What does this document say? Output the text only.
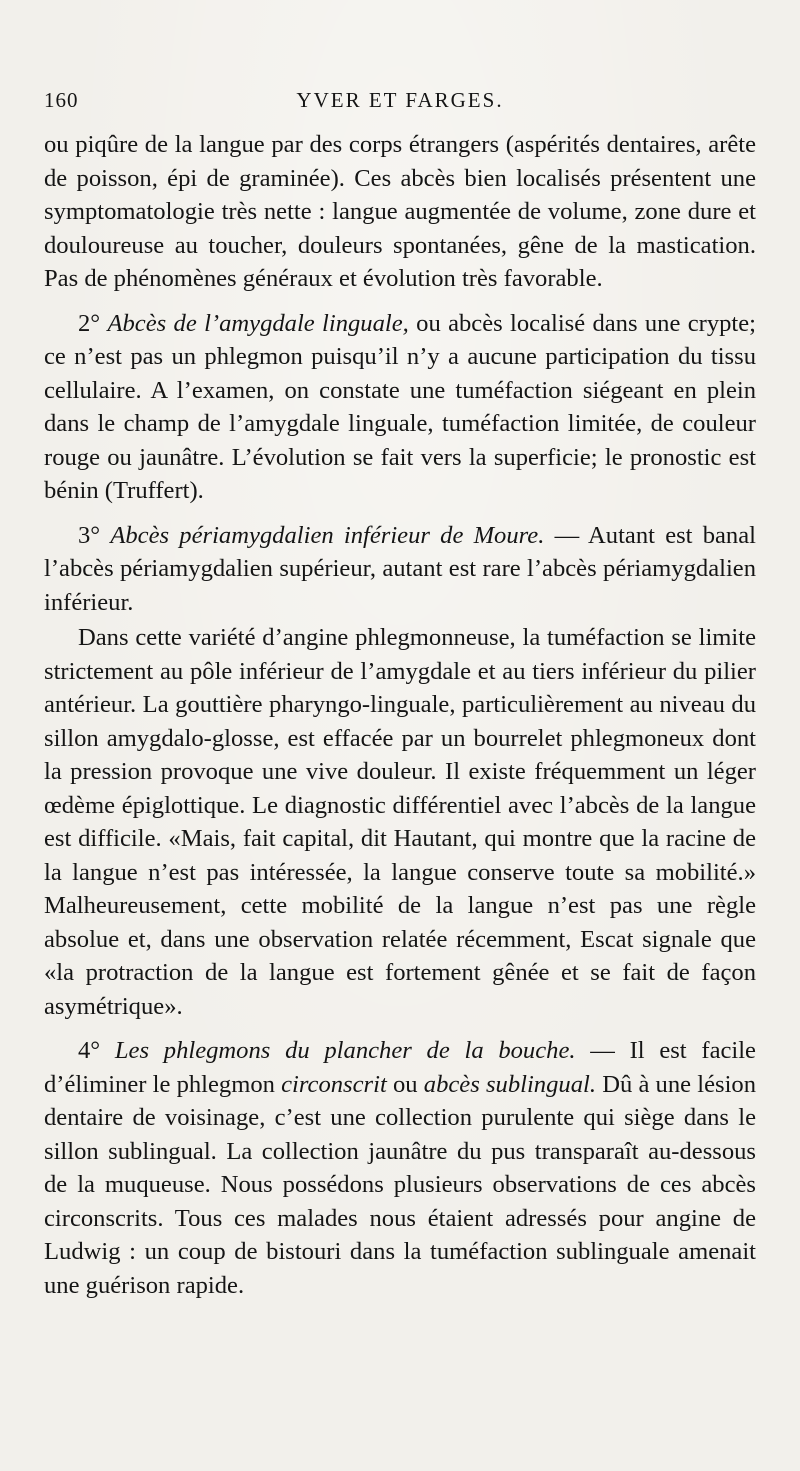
160	YVER ET FARGES.

ou piqûre de la langue par des corps étrangers (aspérités dentaires, arête de poisson, épi de graminée). Ces abcès bien localisés présentent une symptomatologie très nette : langue augmentée de volume, zone dure et douloureuse au toucher, douleurs spontanées, gêne de la mastication. Pas de phénomènes généraux et évolution très favorable.

2° Abcès de l’amygdale linguale, ou abcès localisé dans une crypte; ce n’est pas un phlegmon puisqu’il n’y a aucune participation du tissu cellulaire. A l’examen, on constate une tuméfaction siégeant en plein dans le champ de l’amygdale linguale, tuméfaction limitée, de couleur rouge ou jaunâtre. L’évolution se fait vers la superficie; le pronostic est bénin (Truffert).

3° Abcès périamygdalien inférieur de Moure. — Autant est banal l’abcès périamygdalien supérieur, autant est rare l’abcès périamygdalien inférieur.

Dans cette variété d’angine phlegmonneuse, la tuméfaction se limite strictement au pôle inférieur de l’amygdale et au tiers inférieur du pilier antérieur. La gouttière pharyngo-linguale, particulièrement au niveau du sillon amygdalo-glosse, est effacée par un bourrelet phlegmoneux dont la pression provoque une vive douleur. Il existe fréquemment un léger œdème épiglottique. Le diagnostic différentiel avec l’abcès de la langue est difficile. «Mais, fait capital, dit Hautant, qui montre que la racine de la langue n’est pas intéressée, la langue conserve toute sa mobilité.» Malheureusement, cette mobilité de la langue n’est pas une règle absolue et, dans une observation relatée récemment, Escat signale que «la protraction de la langue est fortement gênée et se fait de façon asymétrique».

4° Les phlegmons du plancher de la bouche. — Il est facile d’éliminer le phlegmon circonscrit ou abcès sublingual. Dû à une lésion dentaire de voisinage, c’est une collection purulente qui siège dans le sillon sublingual. La collection jaunâtre du pus transparaît au-dessous de la muqueuse. Nous possédons plusieurs observations de ces abcès circonscrits. Tous ces malades nous étaient adressés pour angine de Ludwig : un coup de bistouri dans la tuméfaction sublinguale amenait une guérison rapide.
